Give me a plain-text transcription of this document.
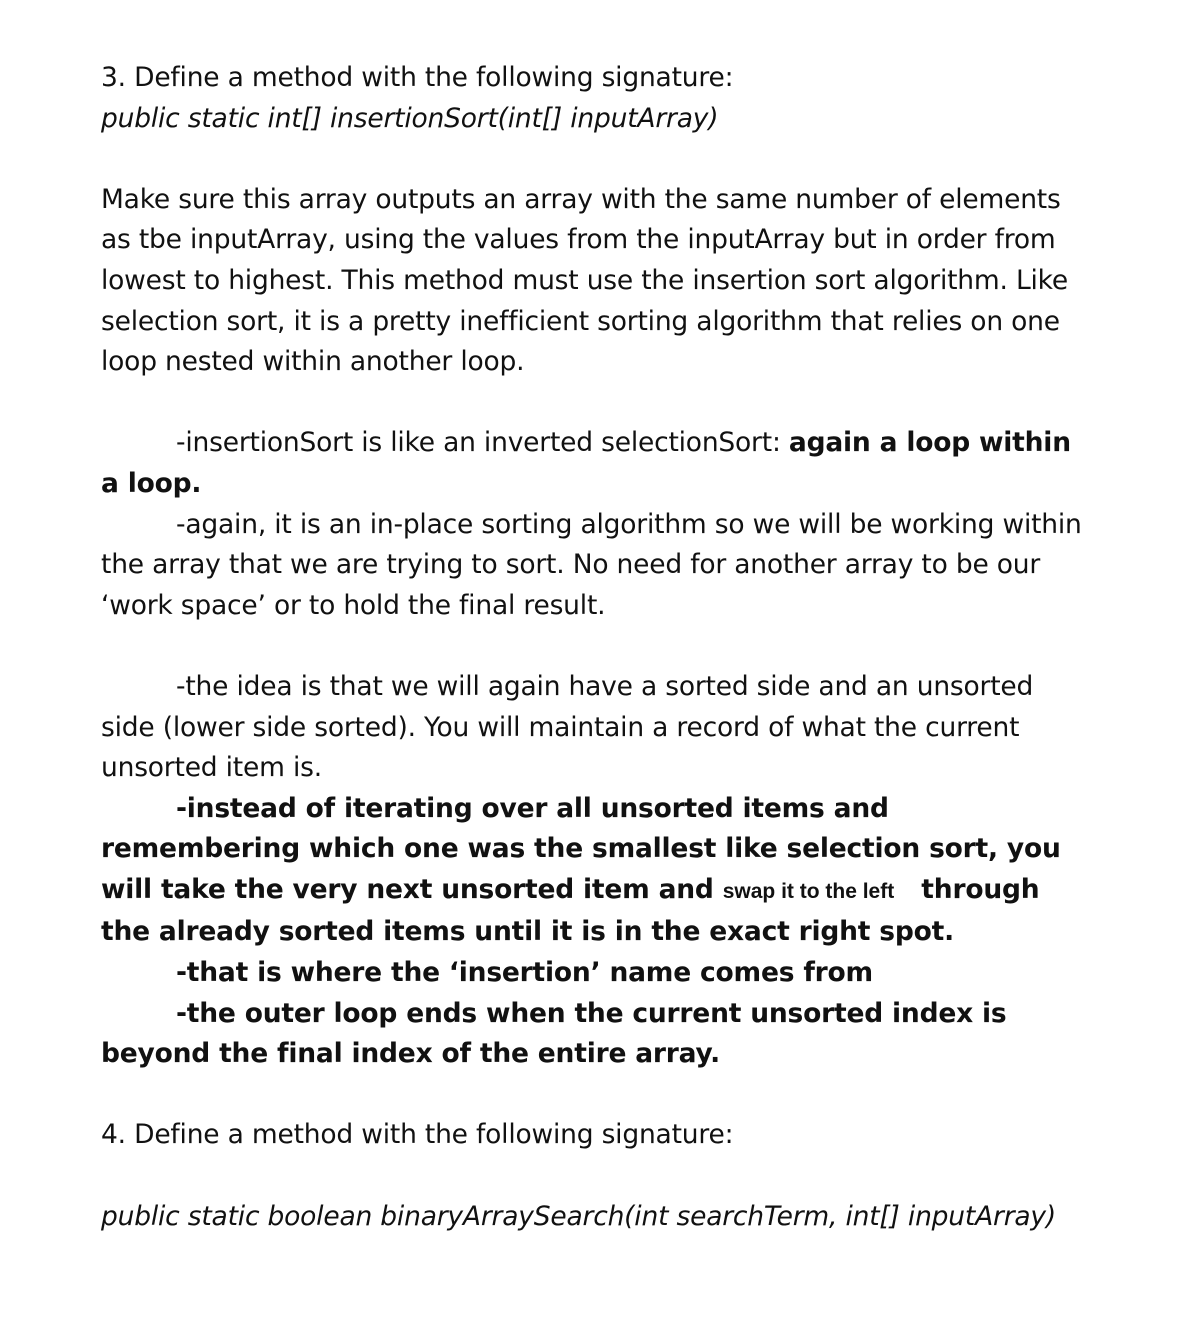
3. Define a method with the following signature:

public static int[] insertionSort(int[] inputArray)

Make sure this array outputs an array with the same number of elements as tbe inputArray, using the values from the inputArray but in order from lowest to highest. This method must use the insertion sort algorithm. Like selection sort, it is a pretty inefficient sorting algorithm that relies on one loop nested within another loop.

-insertionSort is like an inverted selectionSort: again a loop within a loop.

-again, it is an in-place sorting algorithm so we will be working within the array that we are trying to sort. No need for another array to be our ‘work space’ or to hold the final result.

-the idea is that we will again have a sorted side and an unsorted side (lower side sorted). You will maintain a record of what the current unsorted item is.

-instead of iterating over all unsorted items and remembering which one was the smallest like selection sort, you will take the very next unsorted item and swap it to the left   through the already sorted items until it is in the exact right spot.

-that is where the ‘insertion’ name comes from

-the outer loop ends when the current unsorted index is beyond the final index of the entire array.

4. Define a method with the following signature:

public static boolean binaryArraySearch(int searchTerm, int[] inputArray)
